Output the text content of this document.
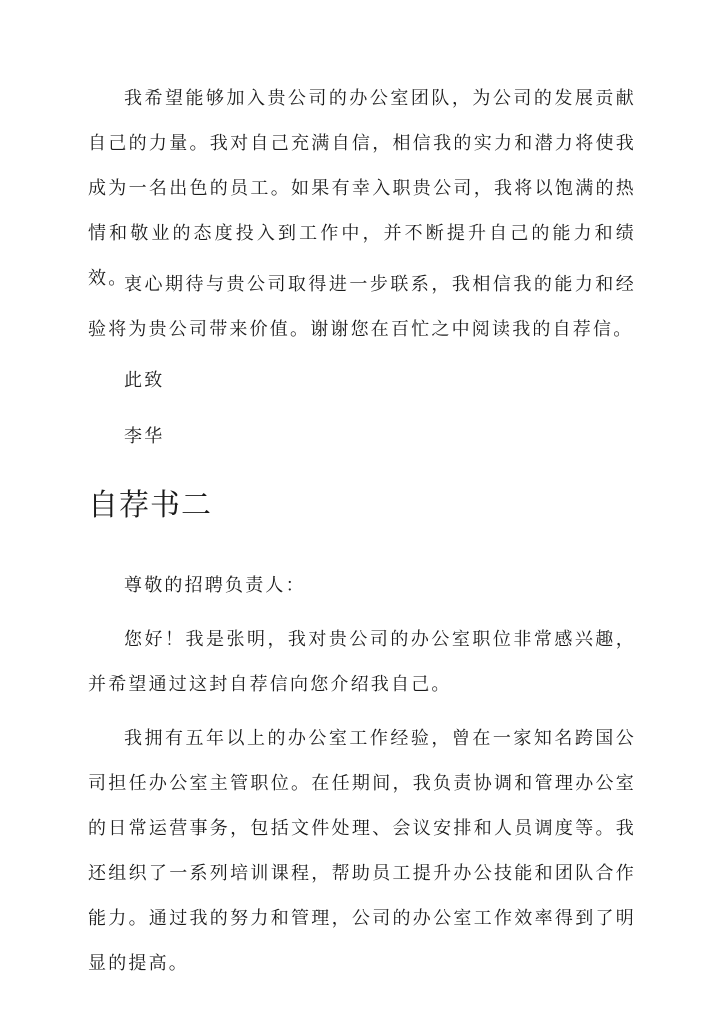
我希望能够加入贵公司的办公室团队，为公司的发展贡献自己的力量。我对自己充满自信，相信我的实力和潜力将使我成为一名出色的员工。如果有幸入职贵公司，我将以饱满的热情和敬业的态度投入到工作中，并不断提升自己的能力和绩效。

衷心期待与贵公司取得进一步联系，我相信我的能力和经验将为贵公司带来价值。谢谢您在百忙之中阅读我的自荐信。

此致

李华

自荐书二

尊敬的招聘负责人：

您好！我是张明，我对贵公司的办公室职位非常感兴趣，并希望通过这封自荐信向您介绍我自己。

我拥有五年以上的办公室工作经验，曾在一家知名跨国公司担任办公室主管职位。在任期间，我负责协调和管理办公室的日常运营事务，包括文件处理、会议安排和人员调度等。我还组织了一系列培训课程，帮助员工提升办公技能和团队合作能力。通过我的努力和管理，公司的办公室工作效率得到了明显的提高。
